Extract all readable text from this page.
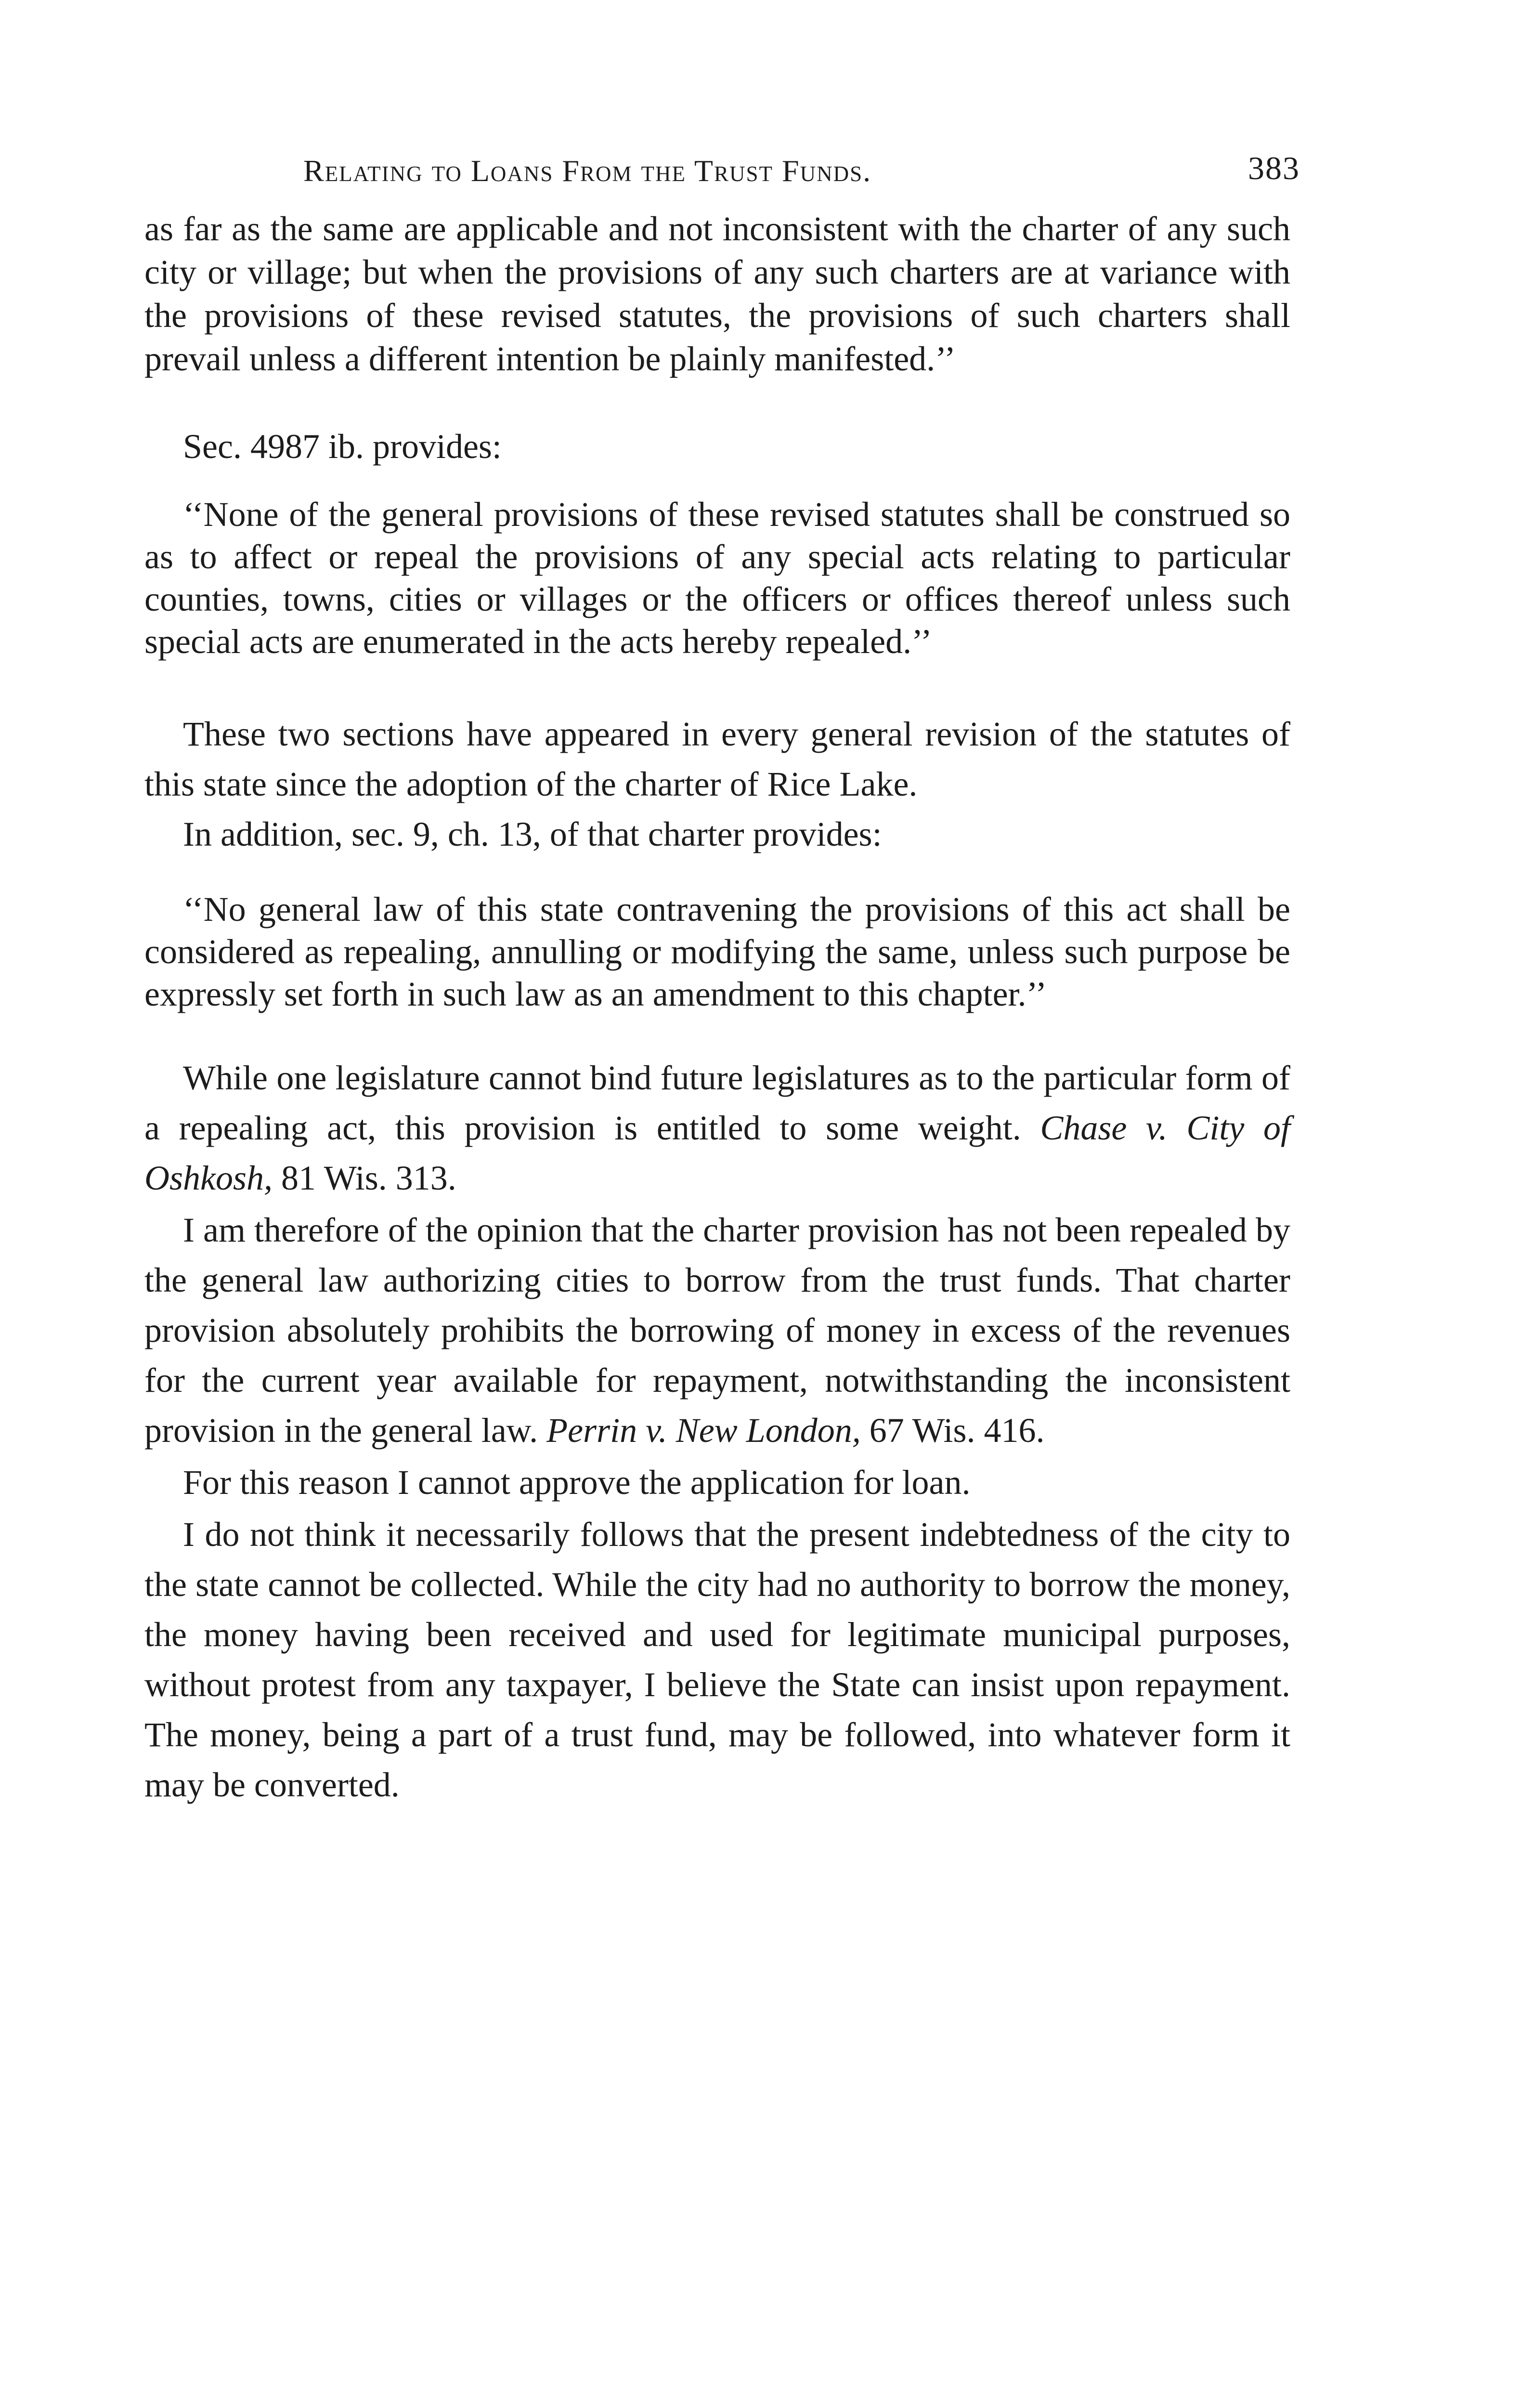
Relating to Loans From the Trust Funds.	383

as far as the same are applicable and not inconsistent with the charter of any such city or village; but when the provisions of any such charters are at variance with the provisions of these revised statutes, the provisions of such charters shall prevail unless a different intention be plainly manifested.’’

Sec. 4987 ib. provides:

‘‘None of the general provisions of these revised statutes shall be construed so as to affect or repeal the provisions of any special acts relating to particular counties, towns, cities or villages or the officers or offices thereof unless such special acts are enumerated in the acts hereby repealed.’’

These two sections have appeared in every general revision of the statutes of this state since the adoption of the charter of Rice Lake.

In addition, sec. 9, ch. 13, of that charter provides:

‘‘No general law of this state contravening the provisions of this act shall be considered as repealing, annulling or modifying the same, unless such purpose be expressly set forth in such law as an amendment to this chapter.’’

While one legislature cannot bind future legislatures as to the particular form of a repealing act, this provision is entitled to some weight. Chase v. City of Oshkosh, 81 Wis. 313.

I am therefore of the opinion that the charter provision has not been repealed by the general law authorizing cities to borrow from the trust funds. That charter provision absolutely prohibits the borrowing of money in excess of the revenues for the current year available for repayment, notwithstanding the inconsistent provision in the general law. Perrin v. New London, 67 Wis. 416.

For this reason I cannot approve the application for loan.

I do not think it necessarily follows that the present indebtedness of the city to the state cannot be collected. While the city had no authority to borrow the money, the money having been received and used for legitimate municipal purposes, without protest from any taxpayer, I believe the State can insist upon repayment. The money, being a part of a trust fund, may be followed, into whatever form it may be converted.
